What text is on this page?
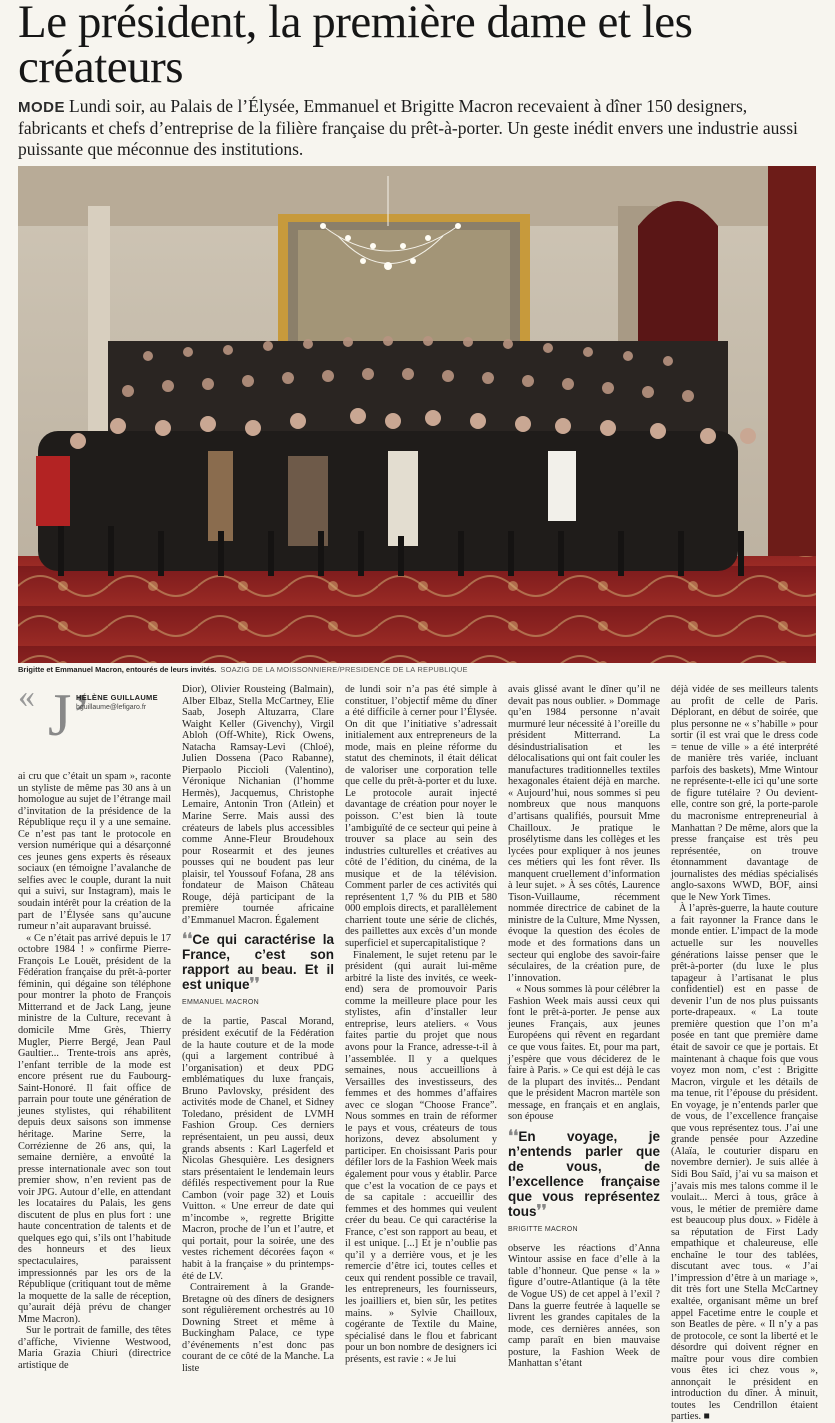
Le président, la première dame et les créateurs

MODE Lundi soir, au Palais de l’Élysée, Emmanuel et Brigitte Macron recevaient à dîner 150 designers, fabricants et chefs d’entreprise de la filière française du prêt-à-porter. Un geste inédit envers une industrie aussi puissante que méconnue des institutions.

Brigitte et Emmanuel Macron, entourés de leurs invités. SOAZIG DE LA MOISSONNIERE/PRESIDENCE DE LA REPUBLIQUE
« J’
HÉLÈNE GUILLAUME
hguillaume@lefigaro.fr

ai cru que c’était un spam », raconte un styliste de même pas 30 ans à un homologue au sujet de l’étrange mail d’invitation de la présidence de la République reçu il y a une semaine. Ce n’est pas tant le protocole en version numérique qui a désarçonné ces jeunes gens experts ès réseaux sociaux (en témoigne l’avalanche de selfies avec le couple, durant la nuit qui a suivi, sur Instagram), mais le soudain intérêt pour la création de la part de l’Élysée sans qu’aucune rumeur n’ait auparavant bruissé.

« Ce n’était pas arrivé depuis le 17 octobre 1984 ! » confirme Pierre-François Le Louët, président de la Fédération française du prêt-à-porter féminin, qui dégaine son téléphone pour montrer la photo de François Mitterrand et de Jack Lang, jeune ministre de la Culture, recevant à domicile Mme Grès, Thierry Mugler, Pierre Bergé, Jean Paul Gaultier... Trente-trois ans après, l’enfant terrible de la mode est encore présent rue du Faubourg-Saint-Honoré. Il fait office de parrain pour toute une génération de jeunes stylistes, qui réhabilitent depuis deux saisons son immense héritage. Marine Serre, la Corrézienne de 26 ans, qui, la semaine dernière, a envoûté la presse internationale avec son tout premier show, n’en revient pas de voir JPG. Autour d’elle, en attendant les locataires du Palais, les gens discutent de plus en plus fort : une haute concentration de talents et de quelques ego qui, s’ils ont l’habitude des honneurs et des lieux spectaculaires, paraissent impressionnés par les ors de la République (critiquant tout de même la moquette de la salle de réception, qu’aurait déjà prévu de changer Mme Macron).

Sur le portrait de famille, des têtes d’affiche, Vivienne Westwood, Maria Grazia Chiuri (directrice artistique de

Dior), Olivier Rousteing (Balmain), Alber Elbaz, Stella McCartney, Elie Saab, Joseph Altuzarra, Clare Waight Keller (Givenchy), Virgil Abloh (Off-White), Rick Owens, Natacha Ramsay-Levi (Chloé), Julien Dossena (Paco Rabanne), Pierpaolo Piccioli (Valentino), Véronique Nichanian (l’homme Hermès), Jacquemus, Christophe Lemaire, Antonin Tron (Atlein) et Marine Serre. Mais aussi des créateurs de labels plus accessibles comme Anne-Fleur Broudehoux pour Rosearmit et des jeunes pousses qui ne boudent pas leur plaisir, tel Youssouf Fofana, 28 ans fondateur de Maison Château Rouge, déjà participant de la première tournée africaine d’Emmanuel Macron. Également

❛❛Ce qui caractérise la France, c’est son rapport au beau. Et il est unique❜❜
EMMANUEL MACRON

de la partie, Pascal Morand, président exécutif de la Fédération de la haute couture et de la mode (qui a largement contribué à l’organisation) et deux PDG emblématiques du luxe français, Bruno Pavlovsky, président des activités mode de Chanel, et Sidney Toledano, président de LVMH Fashion Group. Ces derniers représentaient, un peu aussi, deux grands absents : Karl Lagerfeld et Nicolas Ghesquière. Les designers stars présentaient le lendemain leurs défilés respectivement pour la Rue Cambon (voir page 32) et Louis Vuitton. « Une erreur de date qui m’incombe », regrette Brigitte Macron, proche de l’un et l’autre, et qui portait, pour la soirée, une des vestes richement décorées façon « habit à la française » du printemps-été de LV.

Contrairement à la Grande-Bretagne où des dîners de designers sont régulièrement orchestrés au 10 Downing Street et même à Buckingham Palace, ce type d’événements n’est donc pas courant de ce côté de la Manche. La liste

de lundi soir n’a pas été simple à constituer, l’objectif même du dîner a été difficile à cerner pour l’Élysée. On dit que l’initiative s’adressait initialement aux entrepreneurs de la mode, mais en pleine réforme du statut des cheminots, il était délicat de valoriser une corporation telle que celle du prêt-à-porter et du luxe. Le protocole aurait injecté davantage de création pour noyer le poisson. C’est bien là toute l’ambiguïté de ce secteur qui peine à trouver sa place au sein des industries culturelles et créatives au côté de l’édition, du cinéma, de la musique et de la télévision. Comment parler de ces activités qui représentent 1,7 % du PIB et 580 000 emplois directs, et parallèlement charrient toute une série de clichés, des paillettes aux excès d’un monde superficiel et supercapitalistique ?

Finalement, le sujet retenu par le président (qui aurait lui-même arbitré la liste des invités, ce week-end) sera de promouvoir Paris comme la meilleure place pour les stylistes, afin d’installer leur entreprise, leurs ateliers. « Vous faites partie du projet que nous avons pour la France, adresse-t-il à l’assemblée. Il y a quelques semaines, nous accueillions à Versailles des investisseurs, des femmes et des hommes d’affaires avec ce slogan “Choose France”. Nous sommes en train de réformer le pays et vous, créateurs de tous horizons, devez absolument y participer. En choisissant Paris pour défiler lors de la Fashion Week mais également pour vous y établir. Parce que c’est la vocation de ce pays et de sa capitale : accueillir des femmes et des hommes qui veulent créer du beau. Ce qui caractérise la France, c’est son rapport au beau, et il est unique. [...] Et je n’oublie pas qu’il y a derrière vous, et je les remercie d’être ici, toutes celles et ceux qui rendent possible ce travail, les entrepreneurs, les fournisseurs, les joailliers et, bien sûr, les petites mains. » Sylvie Chailloux, cogérante de Textile du Maine, spécialisé dans le flou et fabricant pour un bon nombre de designers ici présents, est ravie : « Je lui

avais glissé avant le dîner qu’il ne devait pas nous oublier. » Dommage qu’en 1984 personne n’avait murmuré leur nécessité à l’oreille du président Mitterrand. La désindustrialisation et les délocalisations qui ont fait couler les manufactures traditionnelles textiles hexagonales étaient déjà en marche. « Aujourd’hui, nous sommes si peu nombreux que nous manquons d’artisans qualifiés, poursuit Mme Chailloux. Je pratique le prosélytisme dans les collèges et les lycées pour expliquer à nos jeunes ces métiers qui les font rêver. Ils manquent cruellement d’information à leur sujet. » À ses côtés, Laurence Tison-Vuillaume, récemment nommée directrice de cabinet de la ministre de la Culture, Mme Nyssen, évoque la question des écoles de mode et des formations dans un secteur qui englobe des savoir-faire séculaires, de la création pure, de l’innovation.

« Nous sommes là pour célébrer la Fashion Week mais aussi ceux qui font le prêt-à-porter. Je pense aux jeunes Français, aux jeunes Européens qui rêvent en regardant ce que vous faites. Et, pour ma part, j’espère que vous déciderez de le faire à Paris. » Ce qui est déjà le cas de la plupart des invités... Pendant que le président Macron martèle son message, en français et en anglais, son épouse

❛❛En voyage, je n’entends parler que de vous, de l’excellence française que vous représentez tous❜❜
BRIGITTE MACRON

observe les réactions d’Anna Wintour assise en face d’elle à la table d’honneur. Que pense « la » figure d’outre-Atlantique (à la tête de Vogue US) de cet appel à l’exil ? Dans la guerre feutrée à laquelle se livrent les grandes capitales de la mode, ces dernières années, son camp paraît en bien mauvaise posture, la Fashion Week de Manhattan s’étant

déjà vidée de ses meilleurs talents au profit de celle de Paris. Déplorant, en début de soirée, que plus personne ne « s’habille » pour sortir (il est vrai que le dress code = tenue de ville » a été interprété de manière très variée, incluant parfois des baskets), Mme Wintour ne représente-t-elle ici qu’une sorte de figure tutélaire ? Ou devient-elle, contre son gré, la porte-parole du macronisme entrepreneurial à Manhattan ? De même, alors que la presse française est très peu représentée, on trouve étonnamment davantage de journalistes des médias spécialisés anglo-saxons WWD, BOF, ainsi que le New York Times.

À l’après-guerre, la haute couture a fait rayonner la France dans le monde entier. L’impact de la mode actuelle sur les nouvelles générations laisse penser que le prêt-à-porter (du luxe le plus tapageur à l’artisanat le plus confidentiel) est en passe de devenir l’un de nos plus puissants porte-drapeaux. « La toute première question que l’on m’a posée en tant que première dame était de savoir ce que je portais. Et maintenant à chaque fois que vous voyez mon nom, c’est : Brigitte Macron, virgule et les détails de ma tenue, rit l’épouse du président. En voyage, je n’entends parler que de vous, de l’excellence française que vous représentez tous. J’ai une grande pensée pour Azzedine (Alaïa, le couturier disparu en novembre dernier). Je suis allée à Sidi Bou Saïd, j’ai vu sa maison et j’avais mis mes talons comme il le voulait... Merci à tous, grâce à vous, le métier de première dame est beaucoup plus doux. » Fidèle à sa réputation de First Lady empathique et chaleureuse, elle enchaîne le tour des tablées, discutant avec tous. « J’ai l’impression d’être à un mariage », dit très fort une Stella McCartney exaltée, organisant même un bref appel Facetime entre le couple et son Beatles de père. « Il n’y a pas de protocole, ce sont la liberté et le désordre qui doivent régner en maître pour vous dire combien vous êtes ici chez vous », annonçait le président en introduction du dîner. À minuit, toutes les Cendrillon étaient parties. ■
